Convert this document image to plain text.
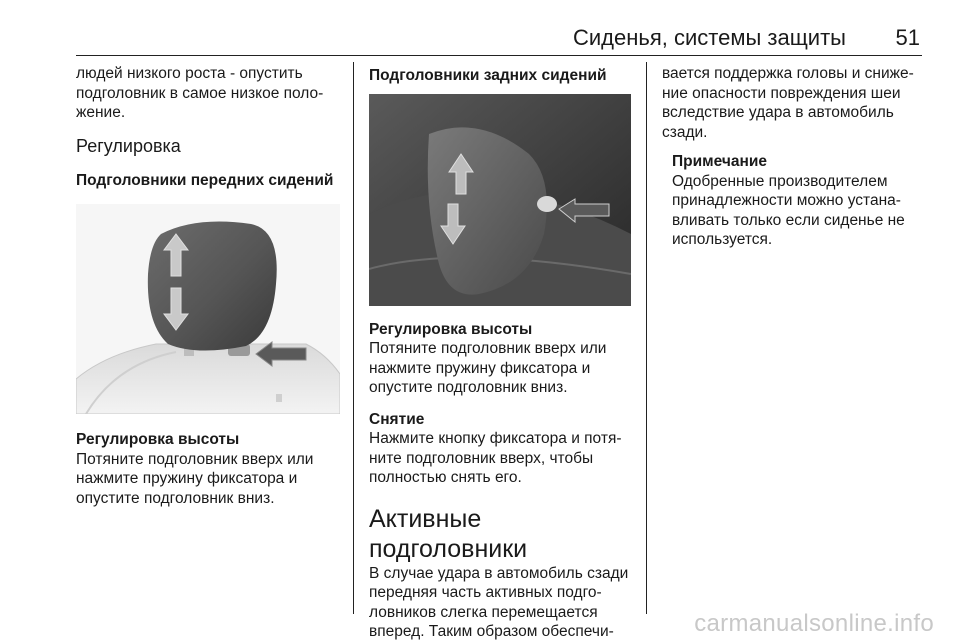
Сиденья, системы защиты 51

людей низкого роста - опустить подголовник в самое низкое положение.

Регулировка

Подголовники передних сидений

Регулировка высоты

Потяните подголовник вверх или нажмите пружину фиксатора и опустите подголовник вниз.

Подголовники задних сидений

Регулировка высоты

Потяните подголовник вверх или нажмите пружину фиксатора и опустите подголовник вниз.

Снятие

Нажмите кнопку фиксатора и потяните подголовник вверх, чтобы полностью снять его.

Активные подголовники

В случае удара в автомобиль сзади передняя часть активных подголовников слегка перемещается вперед. Таким образом обеспечи-

вается поддержка головы и снижение опасности повреждения шеи вследствие удара в автомобиль сзади.

Примечание

Одобренные производителем принадлежности можно устанавливать только если сиденье не используется.

carmanualsonline.info
